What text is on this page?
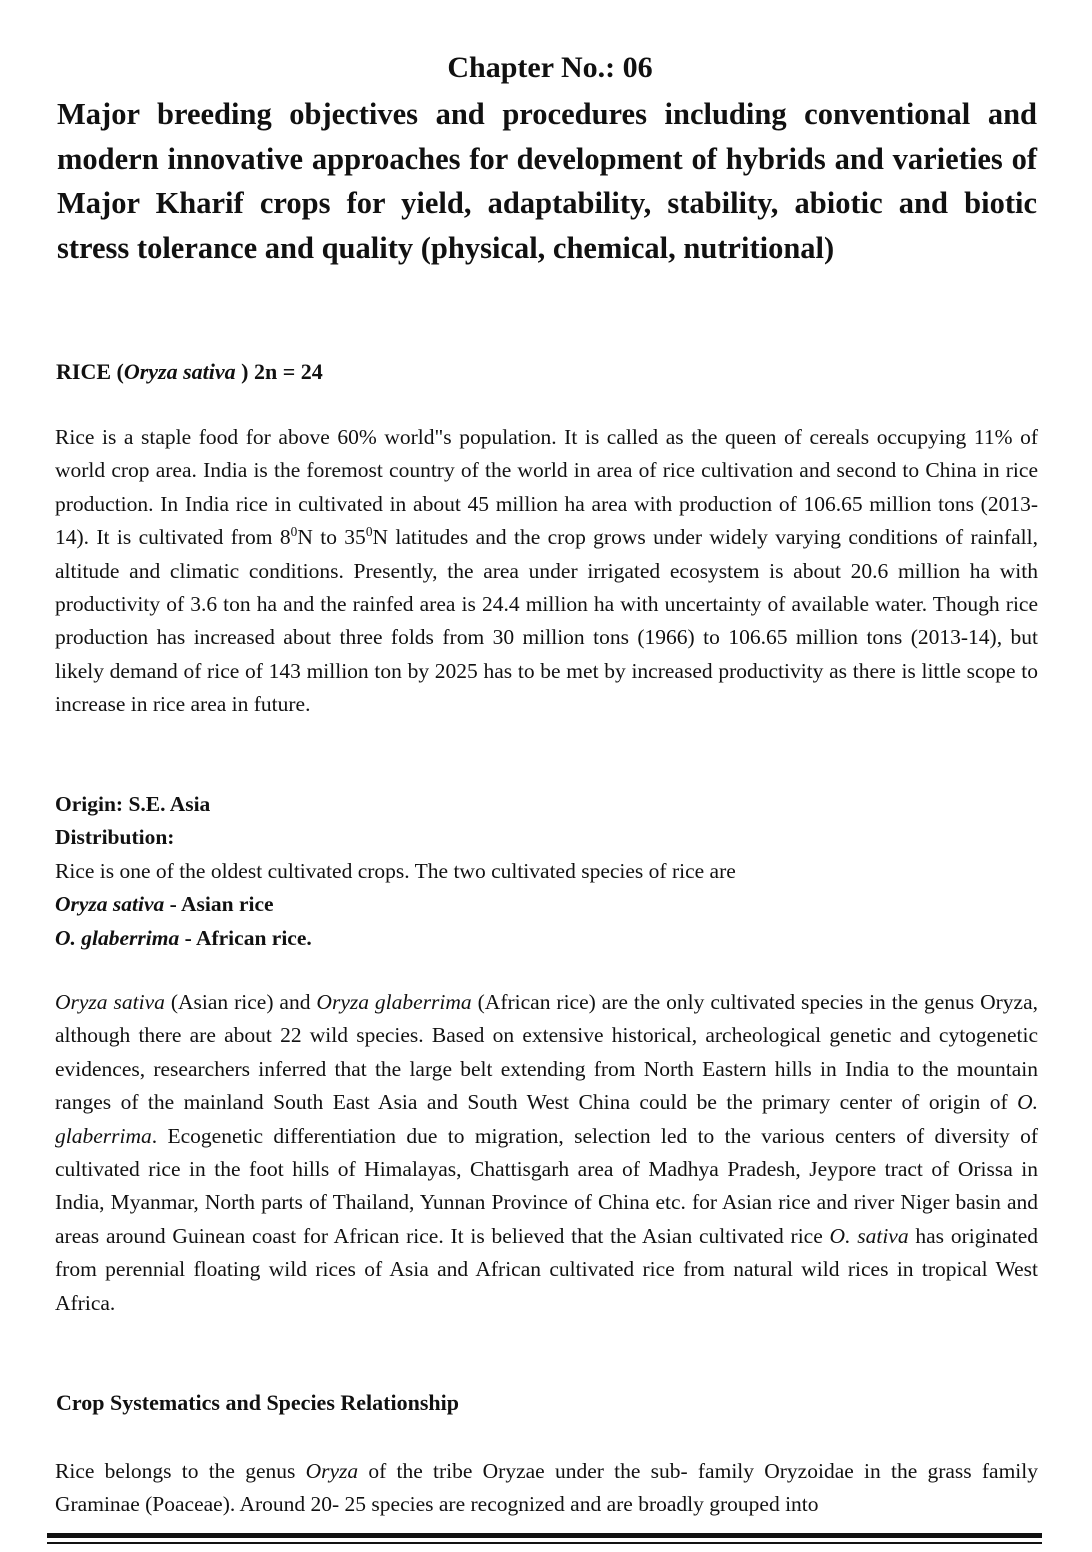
Chapter No.: 06
Major breeding objectives and procedures including conventional and modern innovative approaches for development of hybrids and varieties of Major Kharif crops for yield, adaptability, stability, abiotic and biotic stress tolerance and quality (physical, chemical, nutritional)
RICE (Oryza sativa ) 2n = 24

Rice is a staple food for above 60% world"s population. It is called as the queen of cereals occupying 11% of world crop area. India is the foremost country of the world in area of rice cultivation and second to China in rice production. In India rice in cultivated in about 45 million ha area with production of 106.65 million tons (2013-14). It is cultivated from $8^0N$ to $35^0N$ latitudes and the crop grows under widely varying conditions of rainfall, altitude and climatic conditions. Presently, the area under irrigated ecosystem is about 20.6 million ha with productivity of 3.6 ton ha and the rainfed area is 24.4 million ha with uncertainty of available water. Though rice production has increased about three folds from 30 million tons (1966) to 106.65 million tons (2013-14), but likely demand of rice of 143 million ton by 2025 has to be met by increased productivity as there is little scope to increase in rice area in future.

Origin: S.E. Asia
Distribution:
Rice is one of the oldest cultivated crops. The two cultivated species of rice are
Oryza sativa - Asian rice
O. glaberrima - African rice.

Oryza sativa (Asian rice) and Oryza glaberrima (African rice) are the only cultivated species in the genus Oryza, although there are about 22 wild species. Based on extensive historical, archeological genetic and cytogenetic evidences, researchers inferred that the large belt extending from North Eastern hills in India to the mountain ranges of the mainland South East Asia and South West China could be the primary center of origin of O. glaberrima. Ecogenetic differentiation due to migration, selection led to the various centers of diversity of cultivated rice in the foot hills of Himalayas, Chattisgarh area of Madhya Pradesh, Jeypore tract of Orissa in India, Myanmar, North parts of Thailand, Yunnan Province of China etc. for Asian rice and river Niger basin and areas around Guinean coast for African rice. It is believed that the Asian cultivated rice O. sativa has originated from perennial floating wild rices of Asia and African cultivated rice from natural wild rices in tropical West Africa.

Crop Systematics and Species Relationship

Rice belongs to the genus Oryza of the tribe Oryzae under the sub- family Oryzoidae in the grass family Graminae (Poaceae). Around 20- 25 species are recognized and are broadly grouped into
